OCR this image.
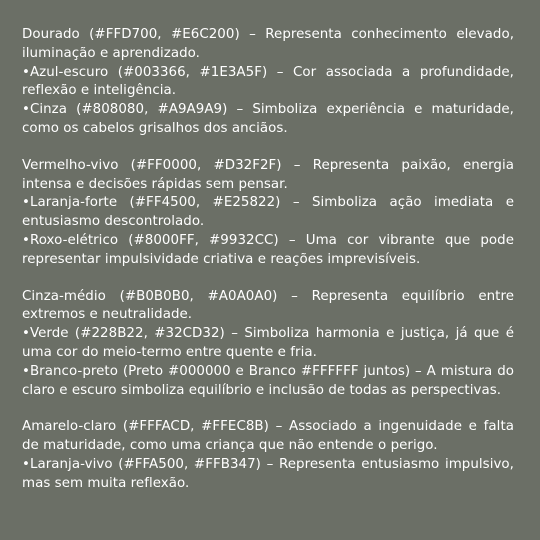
Dourado (#FFD700, #E6C200) – Representa conhecimento elevado, iluminação e aprendizado.

•Azul-escuro (#003366, #1E3A5F) – Cor associada a profundidade, reflexão e inteligência.

•Cinza (#808080, #A9A9A9) – Simboliza experiência e maturidade, como os cabelos grisalhos dos anciãos.

Vermelho-vivo (#FF0000, #D32F2F) – Representa paixão, energia intensa e decisões rápidas sem pensar.

•Laranja-forte (#FF4500, #E25822) – Simboliza ação imediata e entusiasmo descontrolado.

•Roxo-elétrico (#8000FF, #9932CC) – Uma cor vibrante que pode representar impulsividade criativa e reações imprevisíveis.

Cinza-médio (#B0B0B0, #A0A0A0) – Representa equilíbrio entre extremos e neutralidade.

•Verde (#228B22, #32CD32) – Simboliza harmonia e justiça, já que é uma cor do meio-termo entre quente e fria.

•Branco-preto (Preto #000000 e Branco #FFFFFF juntos) – A mistura do claro e escuro simboliza equilíbrio e inclusão de todas as perspectivas.

Amarelo-claro (#FFFACD, #FFEC8B) – Associado a ingenuidade e falta de maturidade, como uma criança que não entende o perigo.

•Laranja-vivo (#FFA500, #FFB347) – Representa entusiasmo impulsivo, mas sem muita reflexão.
